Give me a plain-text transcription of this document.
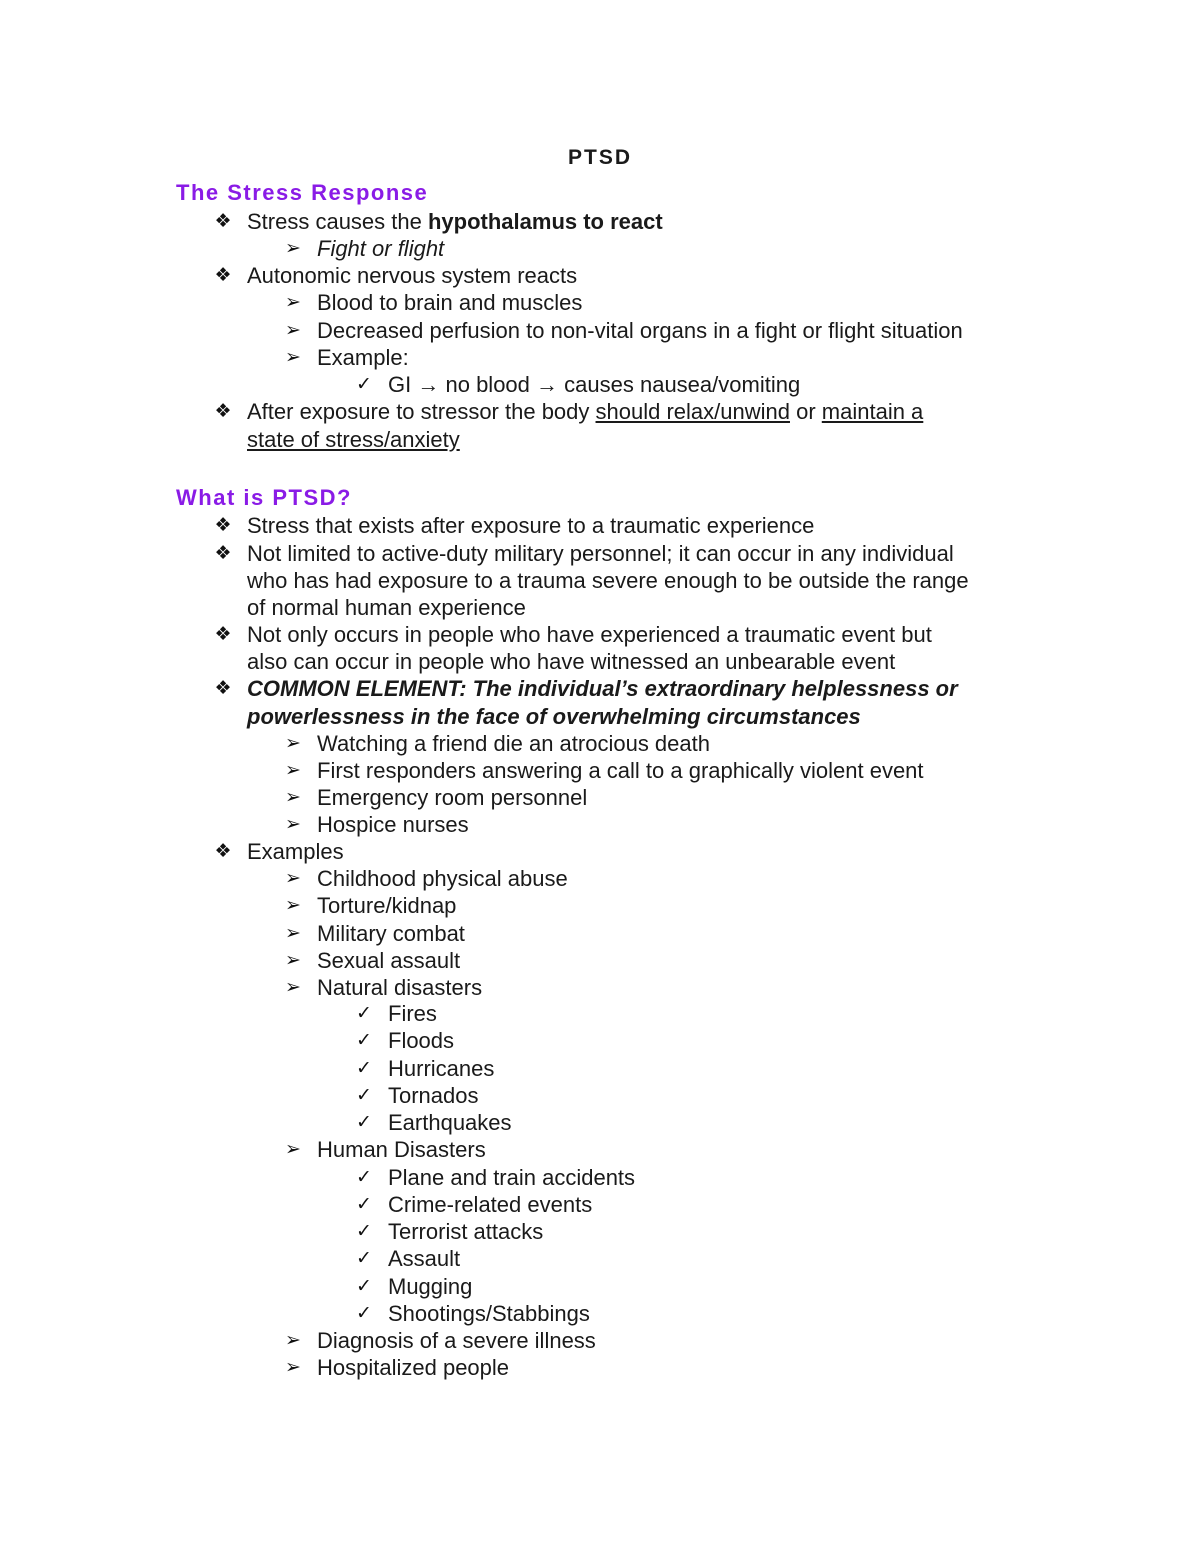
PTSD
The Stress Response
❖ Stress causes the hypothalamus to react
➢ Fight or flight
❖ Autonomic nervous system reacts
➢ Blood to brain and muscles
➢ Decreased perfusion to non-vital organs in a fight or flight situation
➢ Example:
✓ GI → no blood → causes nausea/vomiting
❖ After exposure to stressor the body should relax/unwind or maintain a
state of stress/anxiety
What is PTSD?
❖ Stress that exists after exposure to a traumatic experience
❖ Not limited to active-duty military personnel; it can occur in any individual
who has had exposure to a trauma severe enough to be outside the range
of normal human experience
❖ Not only occurs in people who have experienced a traumatic event but
also can occur in people who have witnessed an unbearable event
❖ COMMON ELEMENT: The individual’s extraordinary helplessness or
powerlessness in the face of overwhelming circumstances
➢ Watching a friend die an atrocious death
➢ First responders answering a call to a graphically violent event
➢ Emergency room personnel
➢ Hospice nurses
❖ Examples
➢ Childhood physical abuse
➢ Torture/kidnap
➢ Military combat
➢ Sexual assault
➢ Natural disasters
✓ Fires
✓ Floods
✓ Hurricanes
✓ Tornados
✓ Earthquakes
➢ Human Disasters
✓ Plane and train accidents
✓ Crime-related events
✓ Terrorist attacks
✓ Assault
✓ Mugging
✓ Shootings/Stabbings
➢ Diagnosis of a severe illness
➢ Hospitalized people
